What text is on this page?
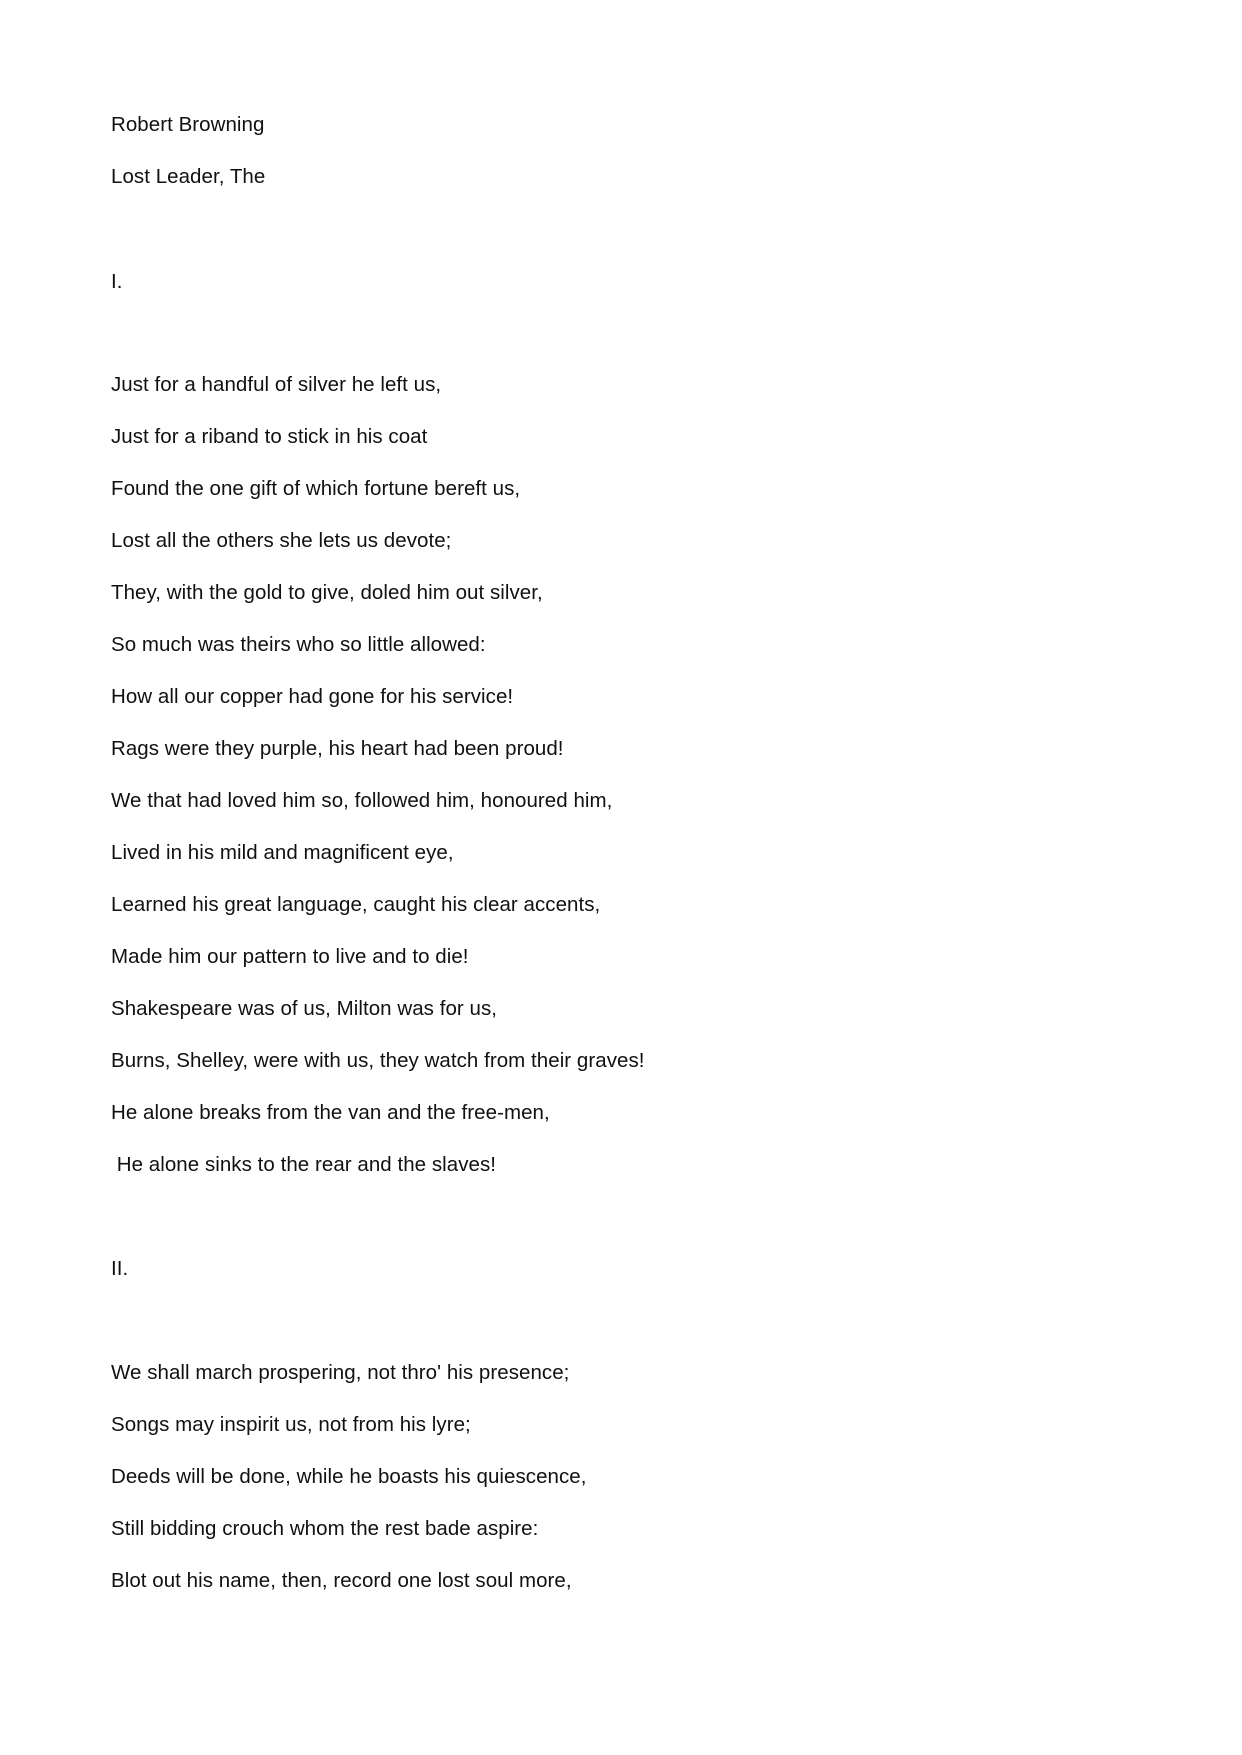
Robert Browning
Lost Leader, The
I.
Just for a handful of silver he left us,
Just for a riband to stick in his coat
Found the one gift of which fortune bereft us,
Lost all the others she lets us devote;
They, with the gold to give, doled him out silver,
So much was theirs who so little allowed:
How all our copper had gone for his service!
Rags were they purple, his heart had been proud!
We that had loved him so, followed him, honoured him,
Lived in his mild and magnificent eye,
Learned his great language, caught his clear accents,
Made him our pattern to live and to die!
Shakespeare was of us, Milton was for us,
Burns, Shelley, were with us, they watch from their graves!
He alone breaks from the van and the free-men,
He alone sinks to the rear and the slaves!
II.
We shall march prospering, not thro' his presence;
Songs may inspirit us, not from his lyre;
Deeds will be done, while he boasts his quiescence,
Still bidding crouch whom the rest bade aspire:
Blot out his name, then, record one lost soul more,
